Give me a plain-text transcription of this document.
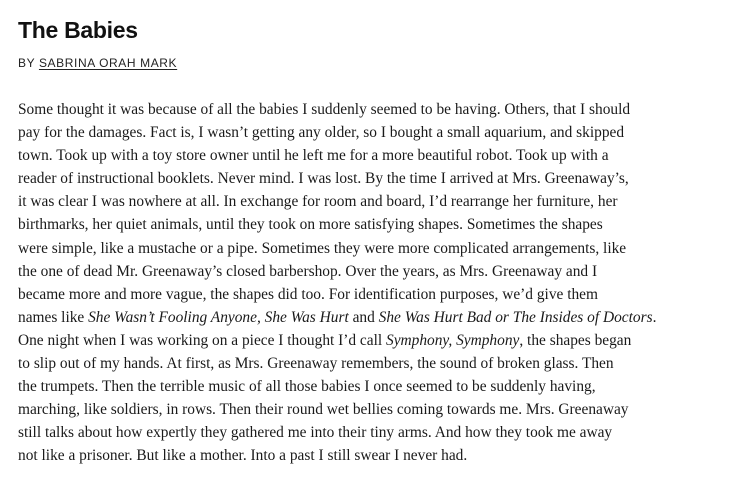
The Babies
BY SABRINA ORAH MARK
Some thought it was because of all the babies I suddenly seemed to be having. Others, that I should
pay for the damages. Fact is, I wasn’t getting any older, so I bought a small aquarium, and skipped
town. Took up with a toy store owner until he left me for a more beautiful robot. Took up with a
reader of instructional booklets. Never mind. I was lost. By the time I arrived at Mrs. Greenaway’s,
it was clear I was nowhere at all. In exchange for room and board, I’d rearrange her furniture, her
birthmarks, her quiet animals, until they took on more satisfying shapes. Sometimes the shapes
were simple, like a mustache or a pipe. Sometimes they were more complicated arrangements, like
the one of dead Mr. Greenaway’s closed barbershop. Over the years, as Mrs. Greenaway and I
became more and more vague, the shapes did too. For identification purposes, we’d give them
names like She Wasn’t Fooling Anyone, She Was Hurt and She Was Hurt Bad or The Insides of Doctors.
One night when I was working on a piece I thought I’d call Symphony, Symphony, the shapes began
to slip out of my hands. At first, as Mrs. Greenaway remembers, the sound of broken glass. Then
the trumpets. Then the terrible music of all those babies I once seemed to be suddenly having,
marching, like soldiers, in rows. Then their round wet bellies coming towards me. Mrs. Greenaway
still talks about how expertly they gathered me into their tiny arms. And how they took me away
not like a prisoner. But like a mother. Into a past I still swear I never had.
